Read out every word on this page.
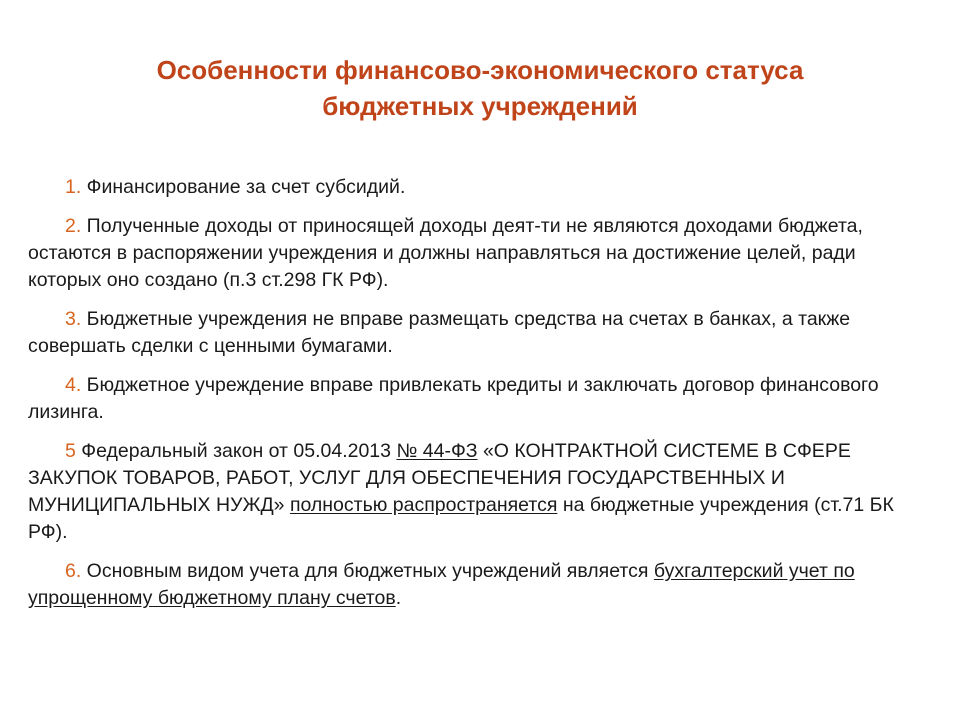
Особенности финансово-экономического статуса
бюджетных учреждений

1. Финансирование за счет субсидий.

2. Полученные доходы от приносящей доходы деят-ти не являются доходами бюджета, остаются в распоряжении учреждения и должны направляться на достижение целей, ради которых оно создано (п.3 ст.298 ГК РФ).

3. Бюджетные учреждения не вправе размещать средства на счетах в банках, а также совершать сделки с ценными бумагами.

4. Бюджетное учреждение вправе привлекать кредиты и заключать договор финансового лизинга.

5 Федеральный закон от 05.04.2013 № 44-ФЗ «О КОНТРАКТНОЙ СИСТЕМЕ В СФЕРЕ ЗАКУПОК ТОВАРОВ, РАБОТ, УСЛУГ ДЛЯ ОБЕСПЕЧЕНИЯ ГОСУДАРСТВЕННЫХ И МУНИЦИПАЛЬНЫХ НУЖД» полностью распространяется на бюджетные учреждения (ст.71 БК РФ).

6. Основным видом учета для бюджетных учреждений является бухгалтерский учет по упрощенному бюджетному плану счетов.
